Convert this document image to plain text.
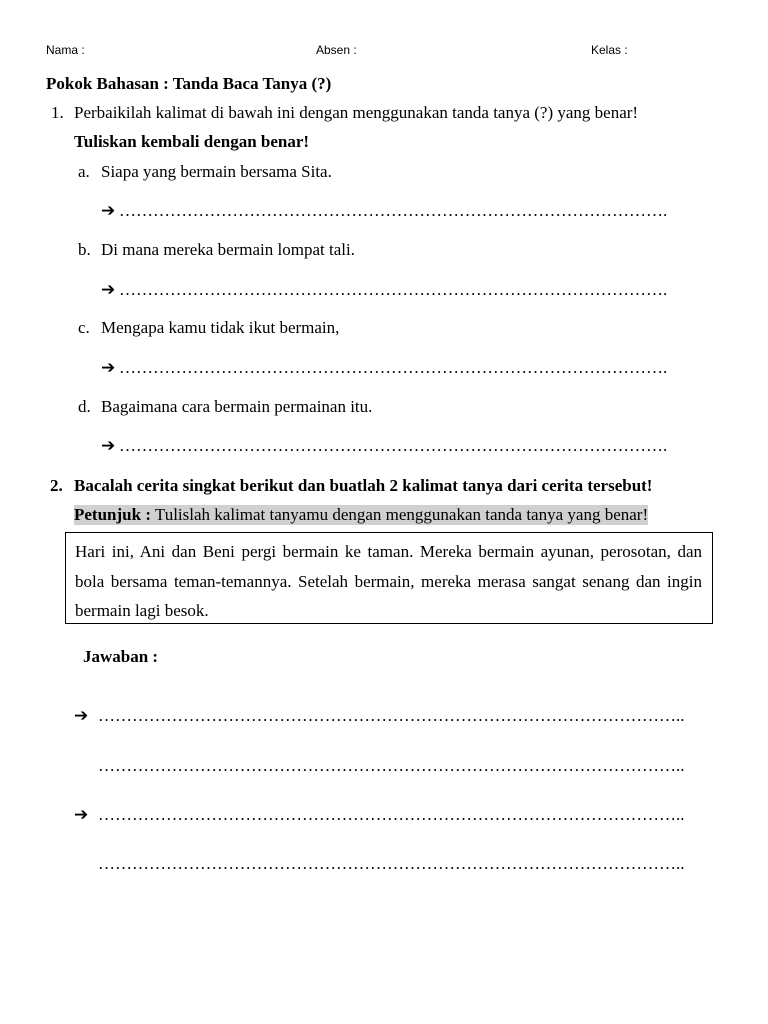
Nama :	Absen :	Kelas :
Pokok Bahasan : Tanda Baca Tanya (?)
1. Perbaikilah kalimat di bawah ini dengan menggunakan tanda tanya (?) yang benar!
Tuliskan kembali dengan benar!
a. Siapa yang bermain bersama Sita.
➔ …………………………………………………………………………………….
b. Di mana mereka bermain lompat tali.
➔ …………………………………………………………………………………….
c. Mengapa kamu tidak ikut bermain,
➔ …………………………………………………………………………………….
d. Bagaimana cara bermain permainan itu.
➔ …………………………………………………………………………………….
2. Bacalah cerita singkat berikut dan buatlah 2 kalimat tanya dari cerita tersebut!
Petunjuk : Tulislah kalimat tanyamu dengan menggunakan tanda tanya yang benar!
Hari ini, Ani dan Beni pergi bermain ke taman. Mereka bermain ayunan, perosotan, dan bola bersama teman-temannya. Setelah bermain, mereka merasa sangat senang dan ingin bermain lagi besok.
Jawaban :
➔ …………………………………………………………………………………………..
…………………………………………………………………………………………..
➔ …………………………………………………………………………………………..
…………………………………………………………………………………………..
